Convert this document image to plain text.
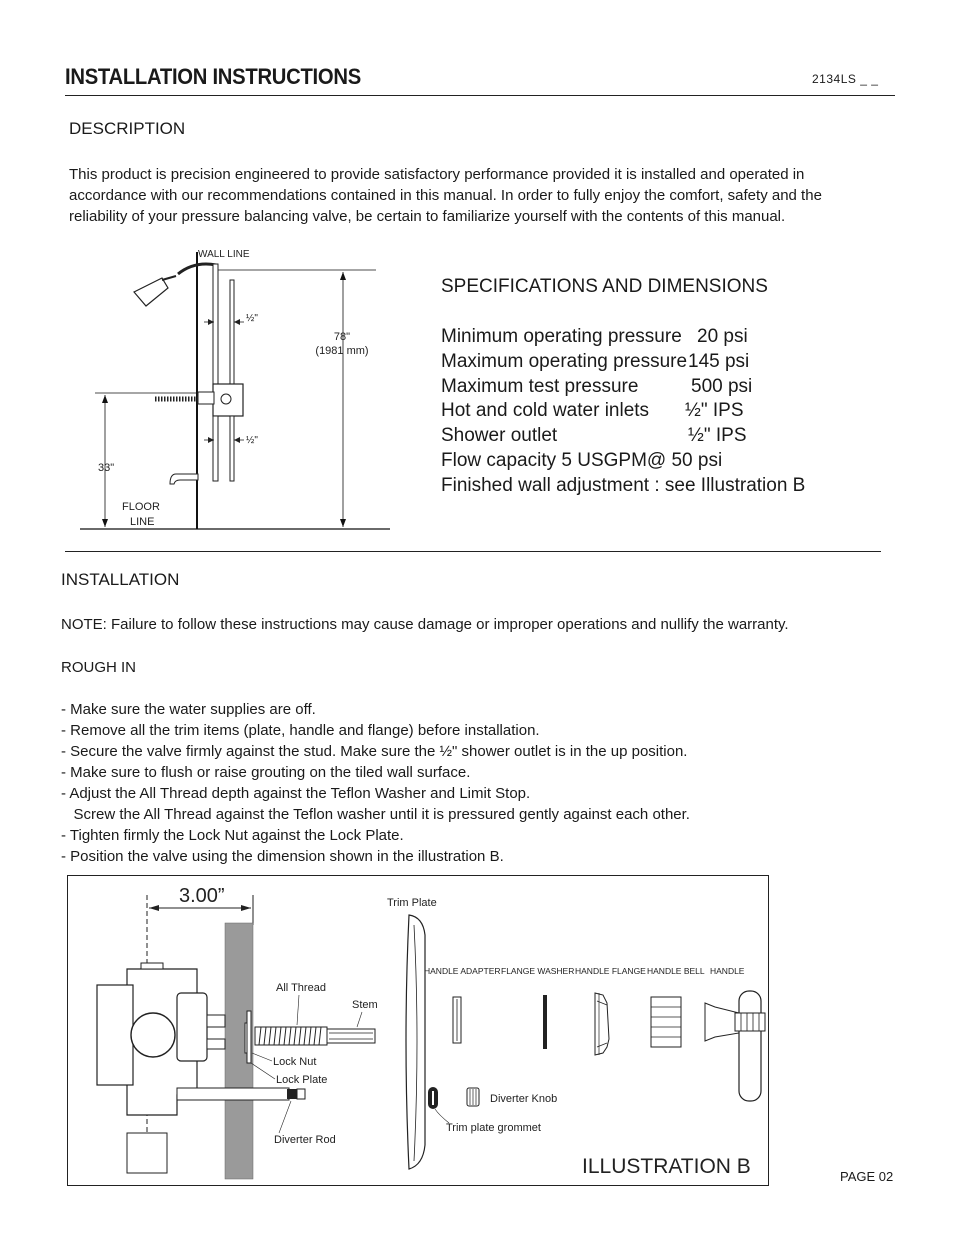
INSTALLATION INSTRUCTIONS	2134LS _ _
DESCRIPTION
This product is precision engineered to provide satisfactory performance provided it is installed and operated in
accordance with our recommendations contained in this manual. In order to fully enjoy the comfort, safety and the
reliability of your pressure balancing valve, be certain to familiarize yourself with the contents of this manual.
WALL LINE
78"
(1981 mm)
33"
FLOOR
LINE
½"
½"
SPECIFICATIONS AND DIMENSIONS
Minimum operating pressure 20 psi
Maximum operating pressure 145 psi
Maximum test pressure	500 psi
Hot and cold water inlets ½" IPS
Shower outlet	½" IPS
Flow capacity 5 USGPM@ 50 psi
Finished wall adjustment : see Illustration B
INSTALLATION
NOTE: Failure to follow these instructions may cause damage or improper operations and nullify the warranty.
ROUGH IN
- Make sure the water supplies are off.
- Remove all the trim items (plate, handle and flange) before installation.
- Secure the valve firmly against the stud. Make sure the ½" shower outlet is in the up position.
- Make sure to flush or raise grouting on the tiled wall surface.
- Adjust the All Thread depth against the Teflon Washer and Limit Stop.
Screw the All Thread against the Teflon washer until it is pressured gently against each other.
- Tighten firmly the Lock Nut against the Lock Plate.
- Position the valve using the dimension shown in the illustration B.
3.00”
All Thread
Stem
Lock Nut
Lock Plate
Diverter Rod
Trim Plate
HANDLE ADAPTER FLANGE WASHER HANDLE FLANGE HANDLE BELL HANDLE
Diverter Knob
Trim plate grommet
ILLUSTRATION B	PAGE 02
